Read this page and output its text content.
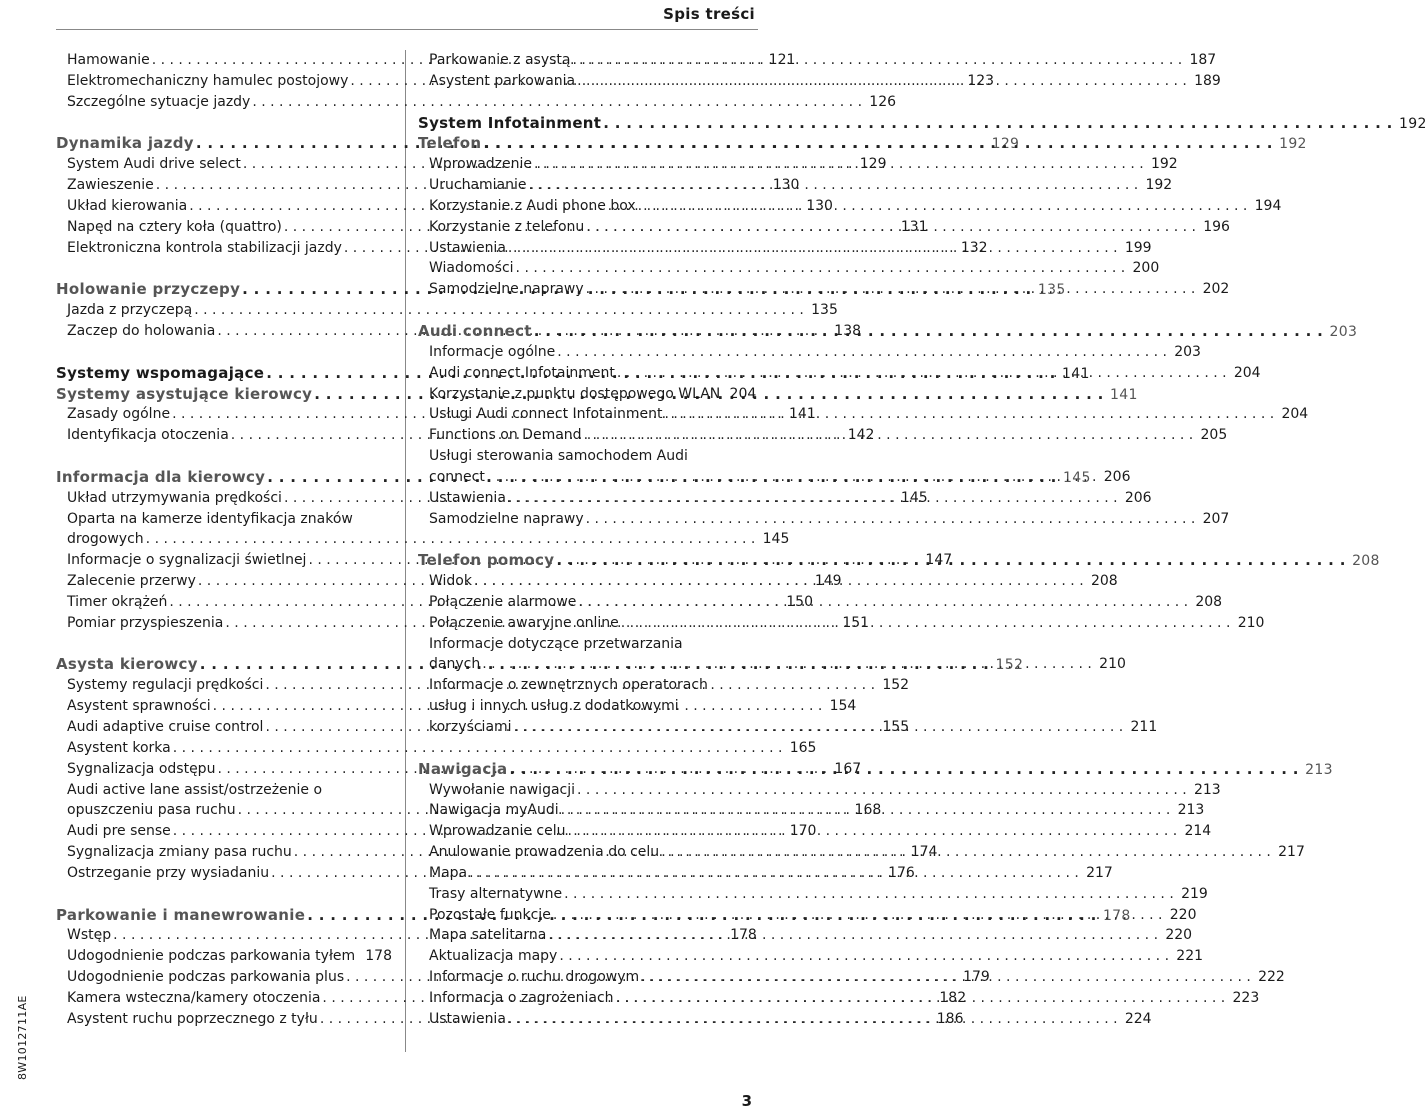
Spis treści
Hamowanie . . .	121
Elektromechaniczny hamulec postojowy . . .	123
Szczególne sytuacje jazdy . . .	126
Dynamika jazdy . . .	129
System Audi drive select . . .	129
Zawieszenie . . .	130
Układ kierowania . . .	130
Napęd na cztery koła (quattro) . . .	131
Elektroniczna kontrola stabilizacji jazdy . . .	132
Holowanie przyczepy . . .	135
Jazda z przyczepą . . .	135
Zaczep do holowania . . .	138
Systemy wspomagające . . .	141
Systemy asystujące kierowcy . . .	141
Zasady ogólne . . .	141
Identyfikacja otoczenia . . .	142
Informacja dla kierowcy . . .	145
Układ utrzymywania prędkości . . .	145
Oparta na kamerze identyfikacja znaków
drogowych . . .	145
Informacje o sygnalizacji świetlnej . . .	147
Zalecenie przerwy . . .	149
Timer okrążeń . . .	150
Pomiar przyspieszenia . . .	151
Asysta kierowcy . . .	152
Systemy regulacji prędkości . . .	152
Asystent sprawności . . .	154
Audi adaptive cruise control . . .	155
Asystent korka . . .	165
Sygnalizacja odstępu . . .	167
Audi active lane assist/ostrzeżenie o
opuszczeniu pasa ruchu . . .	168
Audi pre sense . . .	170
Sygnalizacja zmiany pasa ruchu . . .	174
Ostrzeganie przy wysiadaniu . . .	176
Parkowanie i manewrowanie . . .	178
Wstęp . . .	178
Udogodnienie podczas parkowania tyłem . . . 178
Udogodnienie podczas parkowania plus . . .	179
Kamera wsteczna/kamery otoczenia . . .	182
Asystent ruchu poprzecznego z tyłu . . .	186
Parkowanie z asystą . . .	187
Asystent parkowania . . .	189
System Infotainment . . .	192
Telefon . . .	192
Wprowadzenie . . .	192
Uruchamianie . . .	192
Korzystanie z Audi phone box . . .	194
Korzystanie z telefonu . . .	196
Ustawienia . . .	199
Wiadomości . . .	200
Samodzielne naprawy . . .	202
Audi connect . . .	203
Informacje ogólne . . .	203
Audi connect Infotainment . . .	204
Korzystanie z punktu dostępowego WLAN 204
Usługi Audi connect Infotainment . . .	204
Functions on Demand . . .	205
Usługi sterowania samochodem Audi
connect . . .	206
Ustawienia . . .	206
Samodzielne naprawy . . .	207
Telefon pomocy . . .	208
Widok . . .	208
Połączenie alarmowe . . .	208
Połączenie awaryjne online . . .	210
Informacje dotyczące przetwarzania
danych . . .	210
Informacje o zewnętrznych operatorach
usług i innych usług z dodatkowymi
korzyściami . . .	211
Nawigacja . . .	213
Wywołanie nawigacji . . .	213
Nawigacja myAudi . . .	213
Wprowadzanie celu . . .	214
Anulowanie prowadzenia do celu . . .	217
Mapa . . .	217
Trasy alternatywne . . .	219
Pozostałe funkcje . . .	220
Mapa satelitarna . . .	220
Aktualizacja mapy . . .	221
Informacje o ruchu drogowym . . .	222
Informacja o zagrożeniach . . .	223
Ustawienia . . .	224
8W1012711AE
3
